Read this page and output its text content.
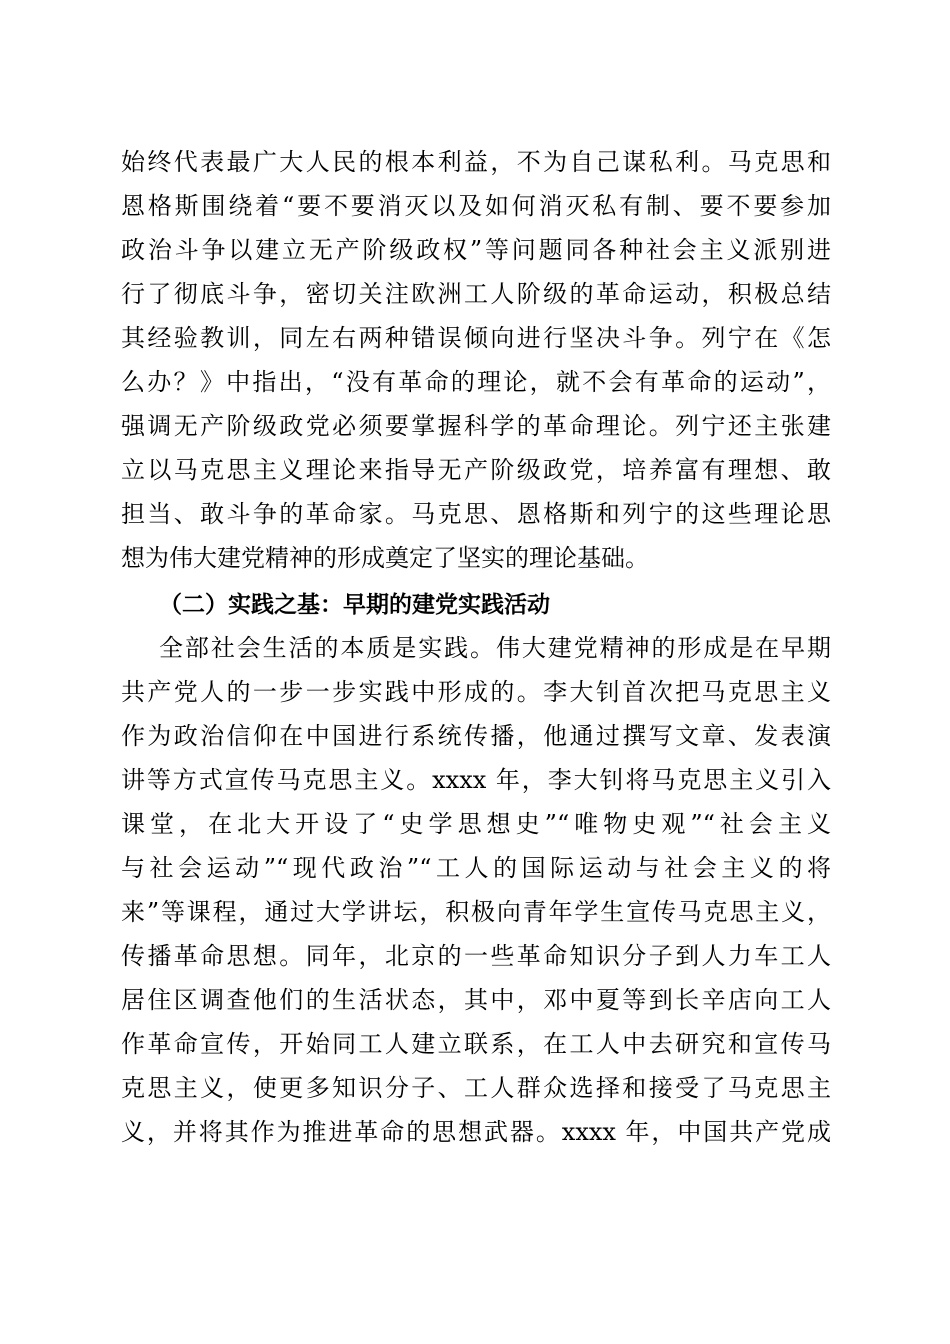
始终代表最广大人民的根本利益，不为自己谋私利。马克思和
恩格斯围绕着“要不要消灭以及如何消灭私有制、要不要参加
政治斗争以建立无产阶级政权”等问题同各种社会主义派别进
行了彻底斗争，密切关注欧洲工人阶级的革命运动，积极总结
其经验教训，同左右两种错误倾向进行坚决斗争。列宁在《怎
么办？》中指出，“没有革命的理论，就不会有革命的运动”，
强调无产阶级政党必须要掌握科学的革命理论。列宁还主张建
立以马克思主义理论来指导无产阶级政党，培养富有理想、敢
担当、敢斗争的革命家。马克思、恩格斯和列宁的这些理论思
想为伟大建党精神的形成奠定了坚实的理论基础。
（二）实践之基：早期的建党实践活动
全部社会生活的本质是实践。伟大建党精神的形成是在早期
共产党人的一步一步实践中形成的。李大钊首次把马克思主义
作为政治信仰在中国进行系统传播，他通过撰写文章、发表演
讲等方式宣传马克思主义。xxxx 年，李大钊将马克思主义引入
课堂，在北大开设了“史学思想史”“唯物史观”“社会主义
与社会运动”“现代政治”“工人的国际运动与社会主义的将
来”等课程，通过大学讲坛，积极向青年学生宣传马克思主义，
传播革命思想。同年，北京的一些革命知识分子到人力车工人
居住区调查他们的生活状态，其中，邓中夏等到长辛店向工人
作革命宣传，开始同工人建立联系，在工人中去研究和宣传马
克思主义，使更多知识分子、工人群众选择和接受了马克思主
义，并将其作为推进革命的思想武器。xxxx 年，中国共产党成
